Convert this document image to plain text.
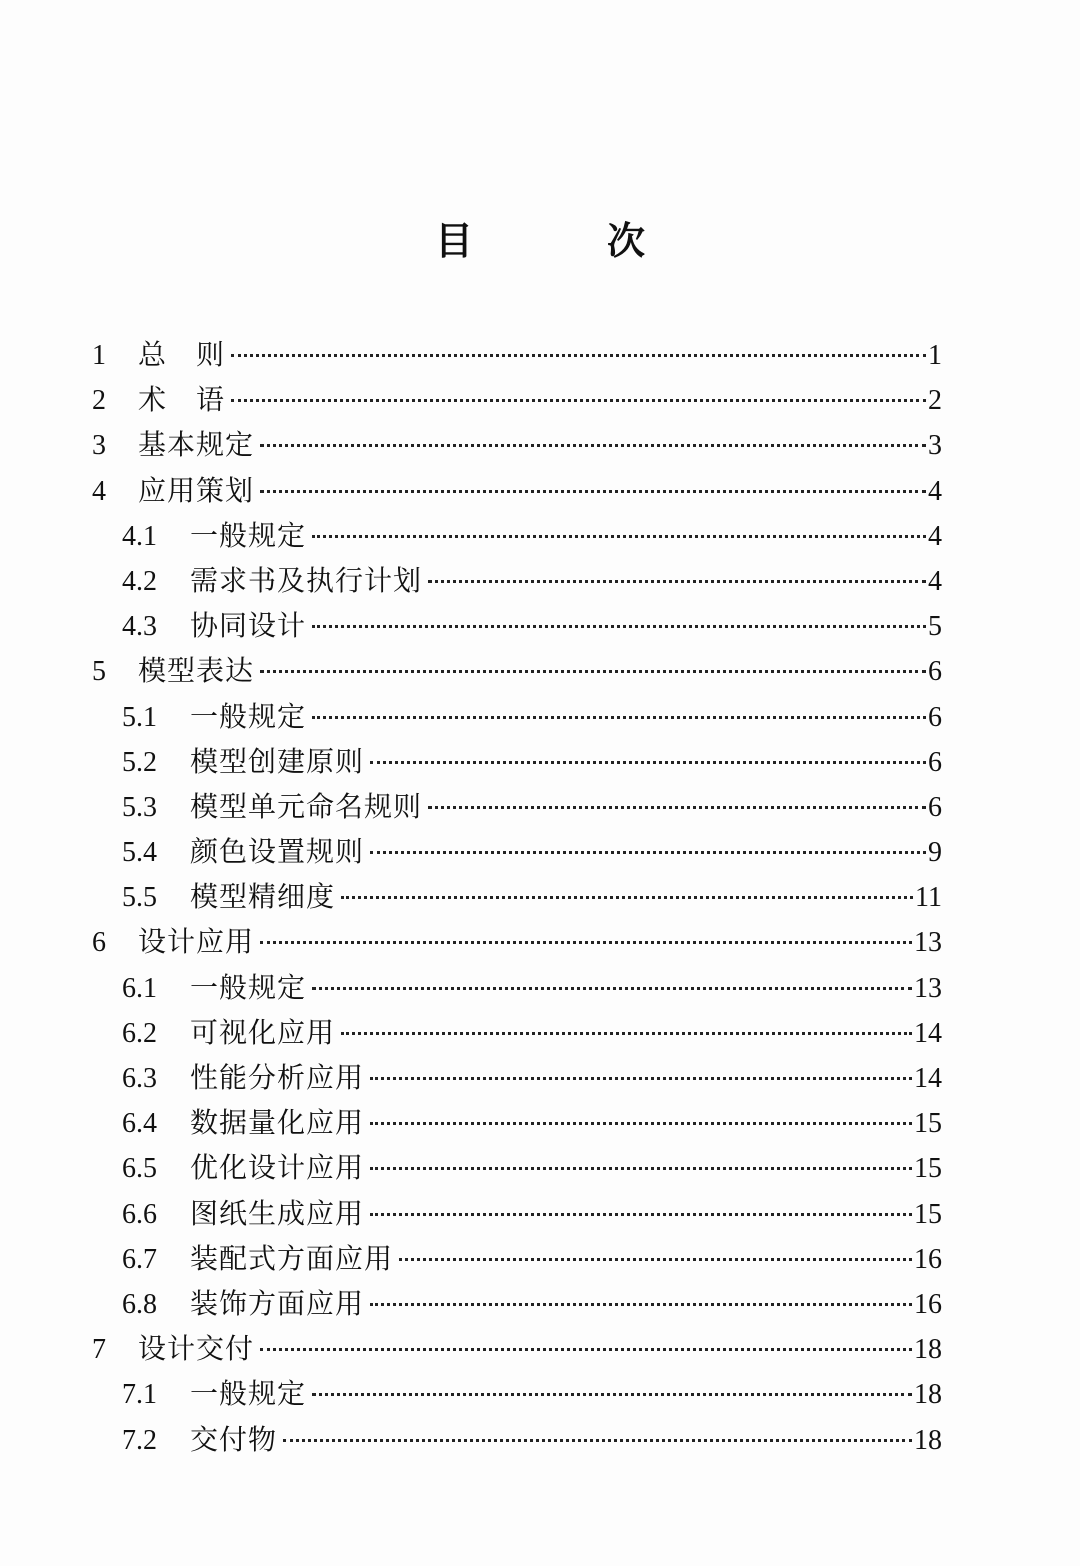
目　次
1	总　则	1
2	术　语	2
3	基本规定	3
4	应用策划	4
4.1	一般规定	4
4.2	需求书及执行计划	4
4.3	协同设计	5
5	模型表达	6
5.1	一般规定	6
5.2	模型创建原则	6
5.3	模型单元命名规则	6
5.4	颜色设置规则	9
5.5	模型精细度	11
6	设计应用	13
6.1	一般规定	13
6.2	可视化应用	14
6.3	性能分析应用	14
6.4	数据量化应用	15
6.5	优化设计应用	15
6.6	图纸生成应用	15
6.7	装配式方面应用	16
6.8	装饰方面应用	16
7	设计交付	18
7.1	一般规定	18
7.2	交付物	18
